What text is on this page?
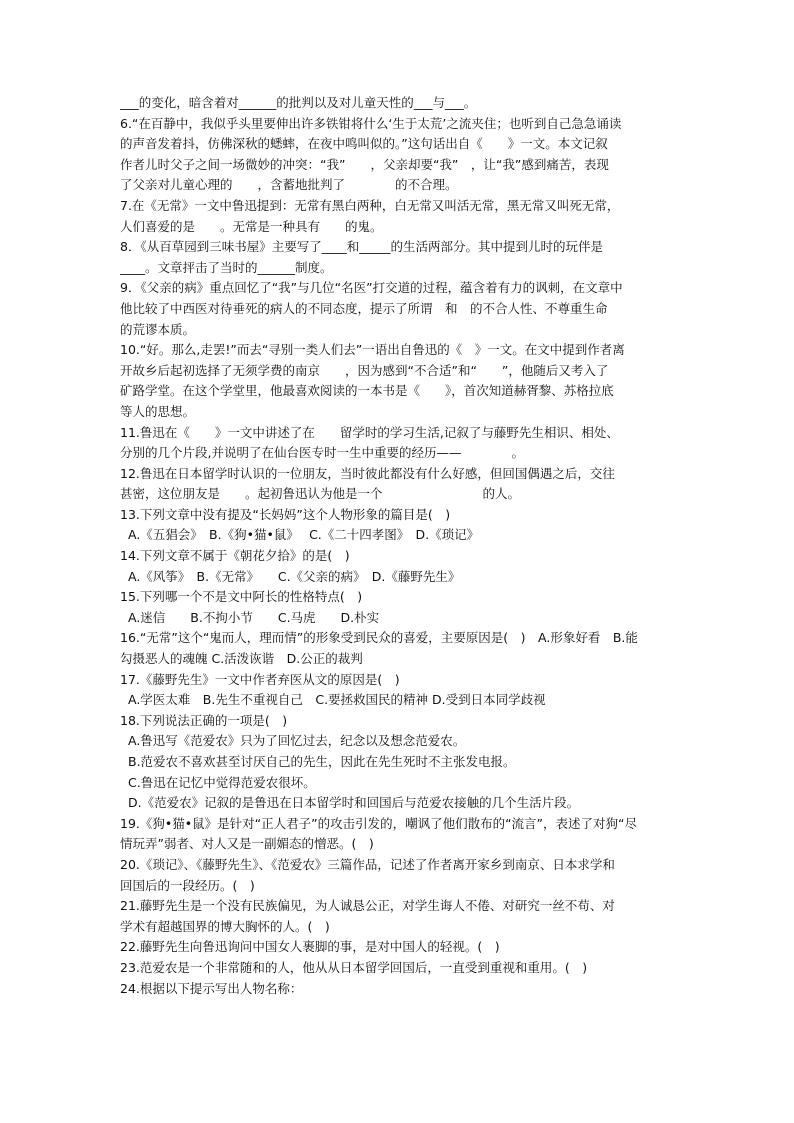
___的变化，暗含着对______的批判以及对儿童天性的___与___。
6.“在百静中，我似乎头里要伸出许多铁钳将什么‘生于太荒’之流夹住；也听到自己急急诵读
的声音发着抖，仿佛深秋的蟋蟀，在夜中鸣叫似的。”这句话出自《　　》一文。本文记叙
作者儿时父子之间一场微妙的冲突：“我”　　，父亲却要“我”　，让“我”感到痛苦，表现
了父亲对儿童心理的　　，含蓄地批判了　　　　的不合理。
7.在《无常》一文中鲁迅提到：无常有黑白两种，白无常又叫活无常，黑无常又叫死无常，
人们喜爱的是　　。无常是一种具有　　的鬼。
8．《从百草园到三味书屋》主要写了____和_____的生活两部分。其中提到儿时的玩伴是
____。文章抨击了当时的______制度。
9．《父亲的病》重点回忆了“我”与几位“名医”打交道的过程，蕴含着有力的讽刺，在文章中
他比较了中西医对待垂死的病人的不同态度，提示了所谓　和　的不合人性、不尊重生命
的荒谬本质。
10.“好。那么,走罢!”而去“寻别一类人们去”一语出自鲁迅的《　》一文。在文中提到作者离
开故乡后起初选择了无须学费的南京　　，因为感到“不合适”和“　　”，他随后又考入了
矿路学堂。在这个学堂里，他最喜欢阅读的一本书是《　　》，首次知道赫胥黎、苏格拉底
等人的思想。
11.鲁迅在《　　》一文中讲述了在　　留学时的学习生活,记叙了与藤野先生相识、相处、
分别的几个片段,并说明了在仙台医专时一生中重要的经历——　　　　。
12.鲁迅在日本留学时认识的一位朋友，当时彼此都没有什么好感，但回国偶遇之后，交往
甚密，这位朋友是　　。起初鲁迅认为他是一个　　　　　　　　的人。
13.下列文章中没有提及“长妈妈”这个人物形象的篇目是(　)
A.《五猖会》　B.《狗•猫•鼠》　 C.《二十四孝图》　D.《琐记》
14.下列文章不属于《朝花夕拾》的是(　)
A.《风筝》　B.《无常》　　C.《父亲的病》　D.《藤野先生》
15.下列哪一个不是文中阿长的性格特点(　)
A.迷信　　B.不拘小节　　C.马虎　　D.朴实
16.“无常”这个“鬼而人，理而情”的形象受到民众的喜爱，主要原因是(　)　A.形象好看　B.能
勾摄恶人的魂魄 C.活泼诙谐　D.公正的裁判
17.《藤野先生》一文中作者弃医从文的原因是(　)
A.学医太难　B.先生不重视自己　C.要拯救国民的精神 D.受到日本同学歧视
18.下列说法正确的一项是(　)
A.鲁迅写《范爱农》只为了回忆过去，纪念以及想念范爱农。
B.范爱农不喜欢甚至讨厌自己的先生，因此在先生死时不主张发电报。
C.鲁迅在记忆中觉得范爱农很坏。
D.《范爱农》记叙的是鲁迅在日本留学时和回国后与范爱农接触的几个生活片段。
19.《狗•猫•鼠》是针对“正人君子”的攻击引发的，嘲讽了他们散布的“流言”，表述了对狗“尽
情玩弄”弱者、对人又是一副媚态的憎恶。(　)
20.《琐记》、《藤野先生》、《范爱农》三篇作品，记述了作者离开家乡到南京、日本求学和
回国后的一段经历。(　)
21.藤野先生是一个没有民族偏见，为人诚恳公正，对学生诲人不倦、对研究一丝不苟、对
学术有超越国界的博大胸怀的人。(　)
22.藤野先生向鲁迅询问中国女人裹脚的事，是对中国人的轻视。(　)
23.范爱农是一个非常随和的人，他从从日本留学回国后，一直受到重视和重用。(　)
24.根据以下提示写出人物名称：
